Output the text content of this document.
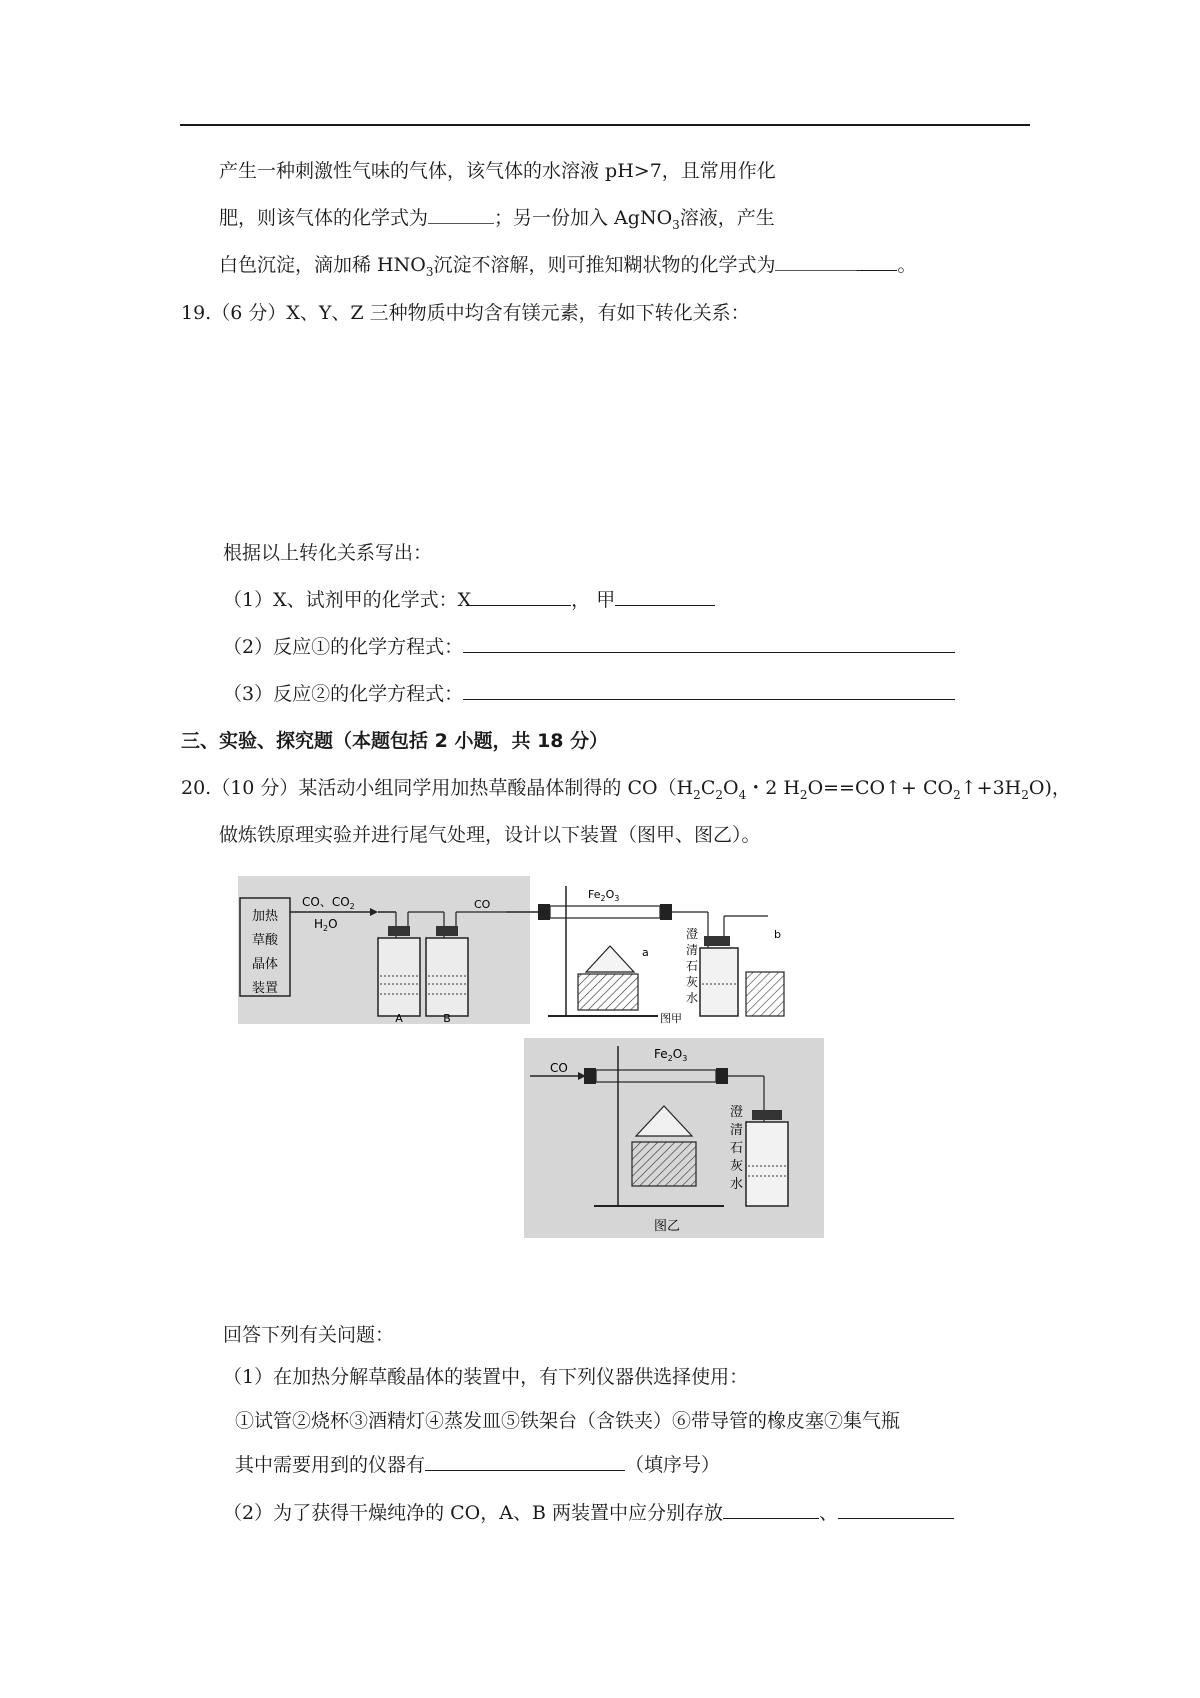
产生一种刺激性气味的气体，该气体的水溶液 pH>7，且常用作化
肥，则该气体的化学式为	；另一份加入 AgNO$_3$溶液，产生
白色沉淀，滴加稀 $HNO_3$沉淀不溶解，则可推知糊状物的化学式为	。
19.（6 分）X、Y、Z 三种物质中均含有镁元素，有如下转化关系：
根据以上转化关系写出：
（1）X、试剂甲的化学式：X	， 甲
（2）反应①的化学方程式：
（3）反应②的化学方程式：
三、实验、探究题（本题包括 2 小题，共 18 分）
20.（10 分）某活动小组同学用加热草酸晶体制得的 $CO(H_2C_2O_4$・2 $H_2O==CO↑+$ $CO_2↑+3H_2O$)，
做炼铁原理实验并进行尾气处理，设计以下装置（图甲、图乙）。
加热
草酸
晶体
装置
CO、$CO_2$
$H_2O$
A	B
CO
$Fe_2O_3$
a
澄
清
石
灰
水
b
图甲
$Fe_2O_3$
CO
澄
清
石
灰
水
图乙
回答下列有关问题：
（1）在加热分解草酸晶体的装置中，有下列仪器供选择使用：
①试管②烧杯③酒精灯④蒸发皿⑤铁架台（含铁夹）⑥带导管的橡皮塞⑦集气瓶
其中需要用到的仪器有	（填序号）
（2）为了获得干燥纯净的 CO，A、B 两装置中应分别存放	、
